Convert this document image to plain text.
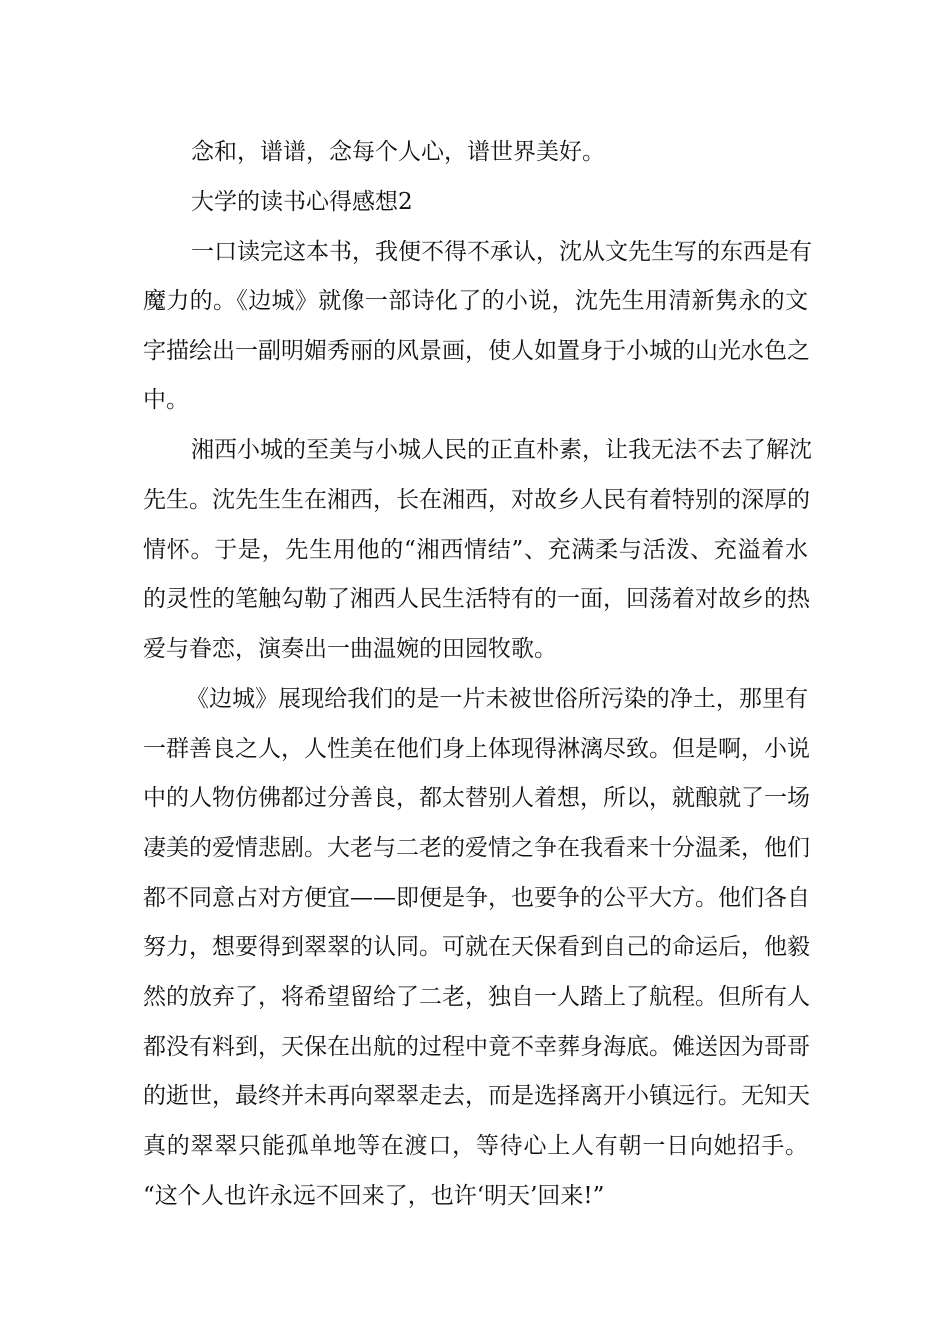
念和，谱谱，念每个人心，谱世界美好。
大学的读书心得感想2
一口读完这本书，我便不得不承认，沈从文先生写的东西是有
魔力的。《边城》就像一部诗化了的小说，沈先生用清新隽永的文
字描绘出一副明媚秀丽的风景画，使人如置身于小城的山光水色之
中。
湘西小城的至美与小城人民的正直朴素，让我无法不去了解沈
先生。沈先生生在湘西，长在湘西，对故乡人民有着特别的深厚的
情怀。于是，先生用他的“湘西情结”、充满柔与活泼、充溢着水
的灵性的笔触勾勒了湘西人民生活特有的一面，回荡着对故乡的热
爱与眷恋，演奏出一曲温婉的田园牧歌。
《边城》展现给我们的是一片未被世俗所污染的净土，那里有
一群善良之人，人性美在他们身上体现得淋漓尽致。但是啊，小说
中的人物仿佛都过分善良，都太替别人着想，所以，就酿就了一场
凄美的爱情悲剧。大老与二老的爱情之争在我看来十分温柔，他们
都不同意占对方便宜——即便是争，也要争的公平大方。他们各自
努力，想要得到翠翠的认同。可就在天保看到自己的命运后，他毅
然的放弃了，将希望留给了二老，独自一人踏上了航程。但所有人
都没有料到，天保在出航的过程中竟不幸葬身海底。傩送因为哥哥
的逝世，最终并未再向翠翠走去，而是选择离开小镇远行。无知天
真的翠翠只能孤单地等在渡口，等待心上人有朝一日向她招手。
“这个人也许永远不回来了，也许‘明天’回来!”
